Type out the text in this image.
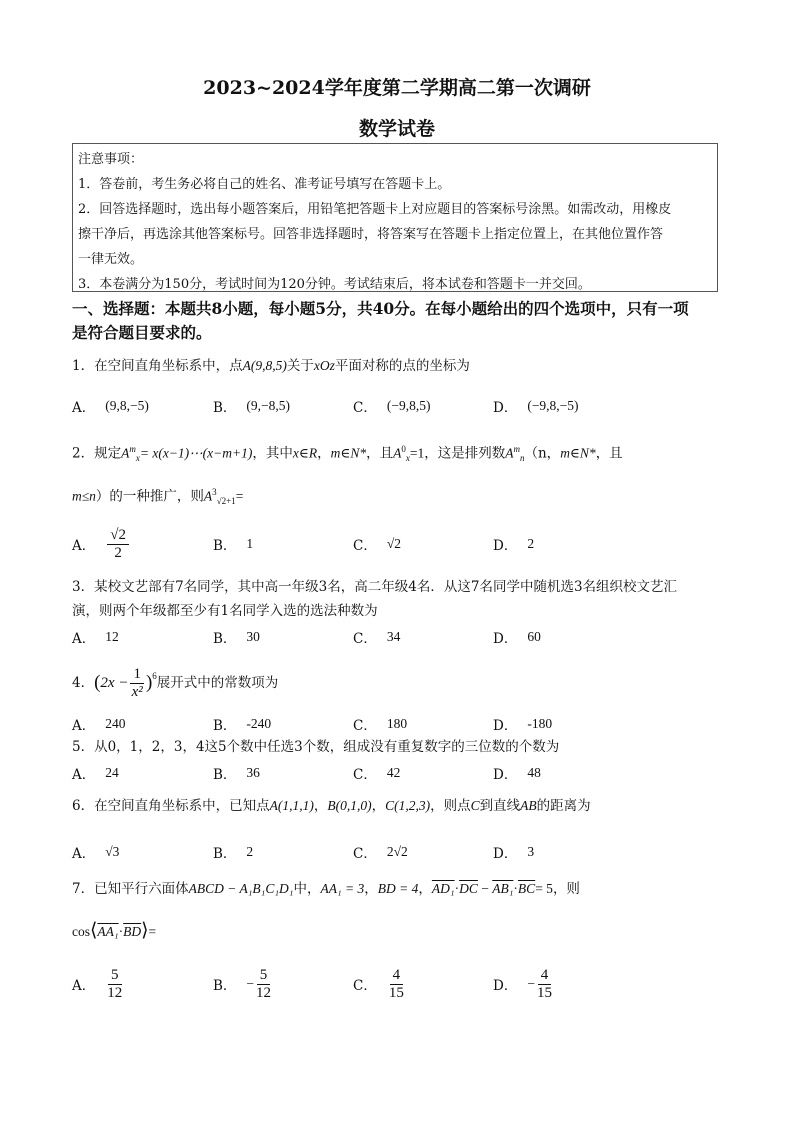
2023~2024学年度第二学期高二第一次调研
数学试卷
注意事项：
1．答卷前，考生务必将自己的姓名、准考证号填写在答题卡上。
2．回答选择题时，选出每小题答案后，用铅笔把答题卡上对应题目的答案标号涂黑。如需改动，用橡皮
擦干净后，再选涂其他答案标号。回答非选择题时，将答案写在答题卡上指定位置上，在其他位置作答
一律无效。
3．本卷满分为150分，考试时间为120分钟。考试结束后，将本试卷和答题卡一并交回。
一、选择题：本题共8小题，每小题5分，共40分。在每小题给出的四个选项中，只有一项
是符合题目要求的。
1．在空间直角坐标系中，点A(9,8,5)关于xOz平面对称的点的坐标为
A． (9,8,−5)	B． (9,−8,5)	C． (−9,8,5)	D． (−9,8,−5)
2．规定$A^m_x=$ x(x−1)⋯(x−m+1)，其中x∈R，m∈N*，且$A^0_x=1$，这是排列数$A^m_n(n$，m∈N*，且
m≤n）的一种推广，则$A^3_{√2+1}=$
A． $\frac{√2}{2}$	B． 1	C． √2	D． 2
3．某校文艺部有7名同学，其中高一年级3名，高二年级4名．从这7名同学中随机选3名组织校文艺汇
演，则两个年级都至少有1名同学入选的选法种数为
A． 12	B． 30	C． 34	D． 60
4． ( $2x - \frac{1}{\text{x²}} )^6$ 展开式中的常数项为
A． 240	B． -240	C． 180	D． -180
5．从0，1，2，3，4这5个数中任选3个数，组成没有重复数字的三位数的个数为
A． 24	B． 36	C． 42	D． 48
6．在空间直角坐标系中，已知点A(1,1,1)，B(0,1,0)，C(1,2,3)，则点C到直线AB的距离为
A． √3	B． 2	C． 2√2	D． 3
7．已知平行六面体ABCD − A₁B₁C₁D₁中，AA₁ = 3，BD = 4，$AD_1\cdot\overline{DC} - AB_1\cdot\overline{BC}= 5$，则
$\cos⟨AA_1\cdot\overline{BD}⟩=$
A． $\frac{5}{12}$	B． − $\frac{5}{12}$	C． $\frac{4}{15}$	D． − $\frac{4}{15}$
